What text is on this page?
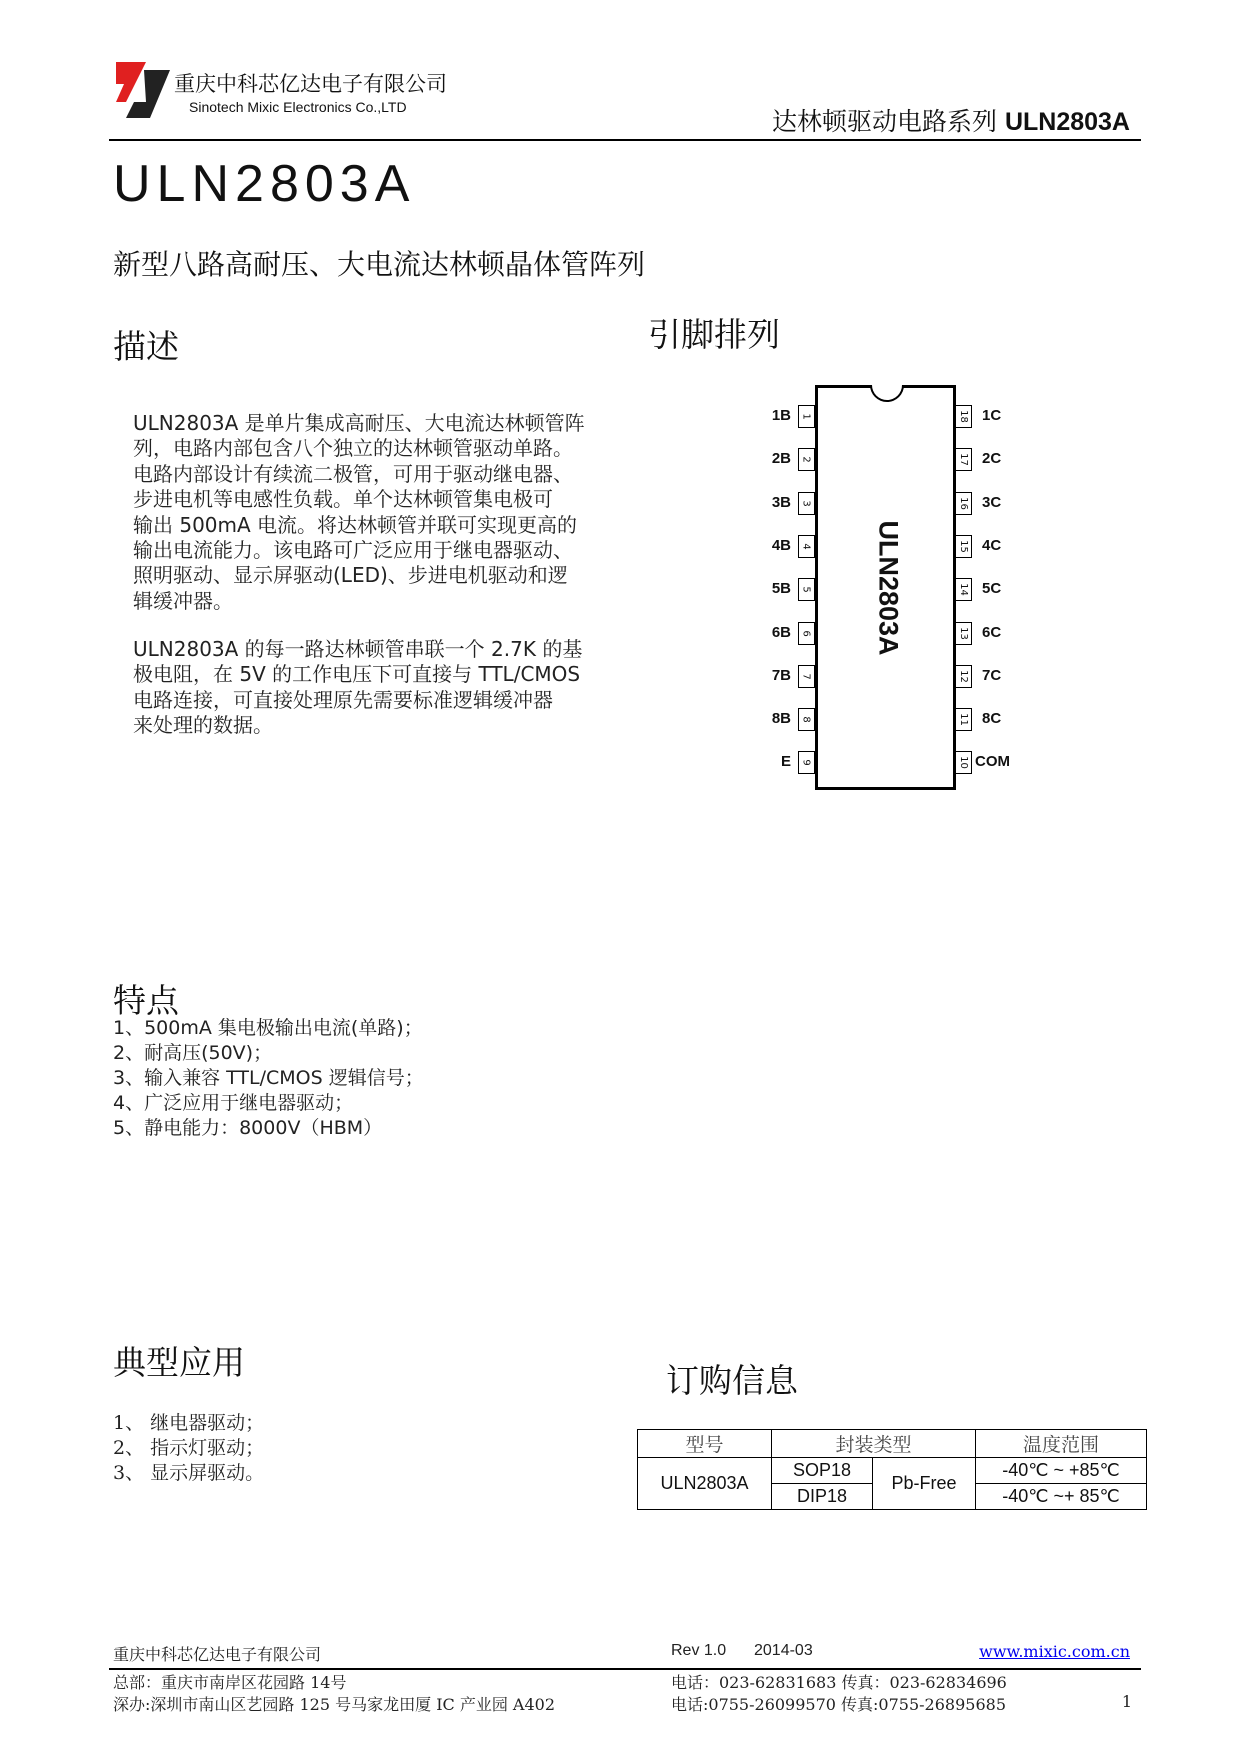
重庆中科芯亿达电子有限公司
Sinotech Mixic Electronics Co.,LTD	达林顿驱动电路系列 ULN2803A
ULN2803A
新型八路高耐压、大电流达林顿晶体管阵列
描述
ULN2803A 是单片集成高耐压、大电流达林顿管阵
列，电路内部包含八个独立的达林顿管驱动单路。
电路内部设计有续流二极管，可用于驱动继电器、
步进电机等电感性负载。单个达林顿管集电极可
输出 500mA 电流。将达林顿管并联可实现更高的
输出电流能力。该电路可广泛应用于继电器驱动、
照明驱动、显示屏驱动(LED)、步进电机驱动和逻
辑缓冲器。
ULN2803A 的每一路达林顿管串联一个 2.7K 的基
极电阻，在 5V 的工作电压下可直接与 TTL/CMOS
电路连接，可直接处理原先需要标准逻辑缓冲器
来处理的数据。
引脚排列
ULN2803A
1
1B	18 1C
2
2B	17 2C
3
3B	16 3C
4
4B	15 4C
5
5B	14 5C
6
6B	13 6C
7
7B	12 7C
8
8B	11 8C
9
E	10 COM
特点
1、500mA 集电极输出电流(单路)；
2、耐高压(50V)；
3、输入兼容 TTL/CMOS 逻辑信号；
4、广泛应用于继电器驱动；
5、静电能力：8000V（HBM）
典型应用
1、 继电器驱动；
2、 指示灯驱动；
3、 显示屏驱动。
订购信息
型号	封装类型		温度范围
ULN2803A	SOP18	Pb-Free	-40℃ ~ +85℃
	DIP18		-40℃ ~+ 85℃
重庆中科芯亿达电子有限公司	Rev 1.0 2014-03	www.mixic.com.cn
总部：重庆市南岸区花园路 14号
深办:深圳市南山区艺园路 125 号马家龙田厦 IC 产业园 A402
电话：023-62831683 传真：023-62834696
电话:0755-26099570 传真:0755-26895685	1
